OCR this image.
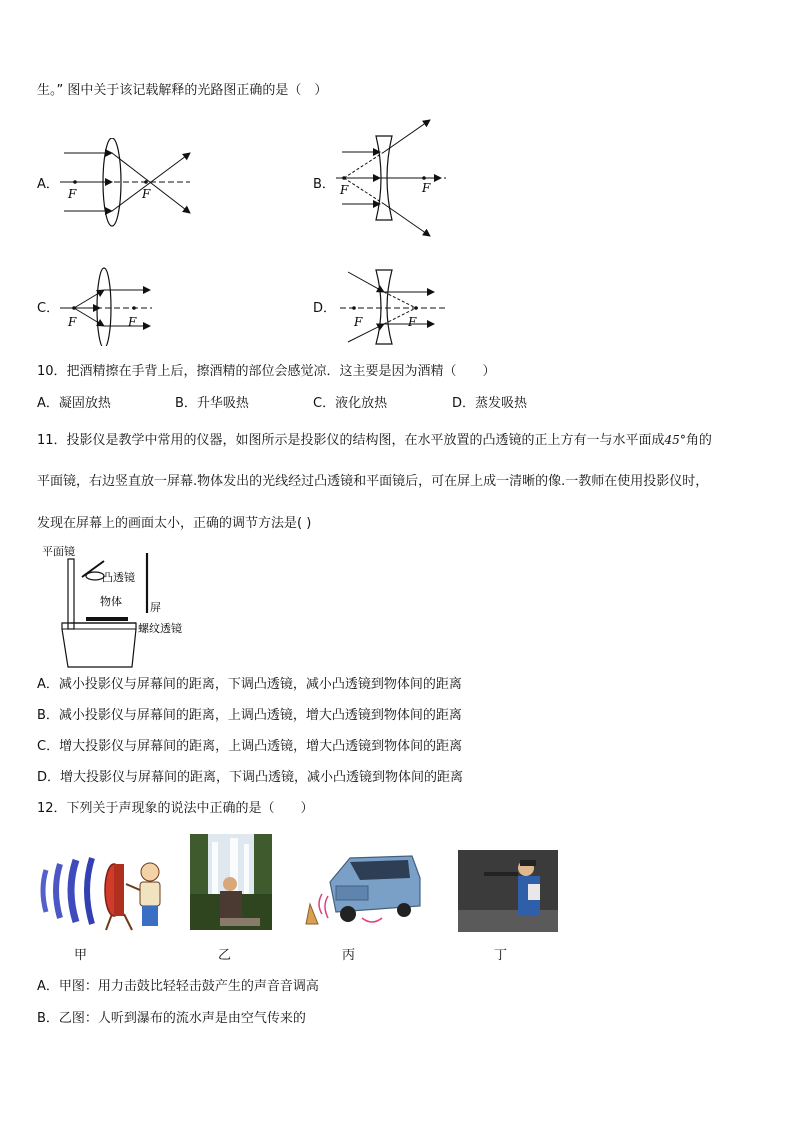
生。” 图中关于该记载解释的光路图正确的是（　）
A．
F	F
B． F	F
C．
F	F
D．
F	F
10．把酒精擦在手背上后，擦酒精的部位会感觉凉．这主要是因为酒精（　　）
A．凝固放热	B．升华吸热	C．液化放热	D．蒸发吸热
11．投影仪是教学中常用的仪器，如图所示是投影仪的结构图，在水平放置的凸透镜的正上方有一与水平面成45°角的
平面镜，右边竖直放一屏幕.物体发出的光线经过凸透镜和平面镜后，可在屏上成一清晰的像.一教师在使用投影仪时，
发现在屏幕上的画面太小，正确的调节方法是( )
平面镜
凸透镜
物体	屏
螺纹透镜
A．减小投影仪与屏幕间的距离，下调凸透镜，减小凸透镜到物体间的距离
B．减小投影仪与屏幕间的距离，上调凸透镜，增大凸透镜到物体间的距离
C．增大投影仪与屏幕间的距离，上调凸透镜，增大凸透镜到物体间的距离
D．增大投影仪与屏幕间的距离，下调凸透镜，减小凸透镜到物体间的距离
12．下列关于声现象的说法中正确的是（　　）
甲	乙	丙	丁
A．甲图：用力击鼓比轻轻击鼓产生的声音音调高
B．乙图：人听到瀑布的流水声是由空气传来的
